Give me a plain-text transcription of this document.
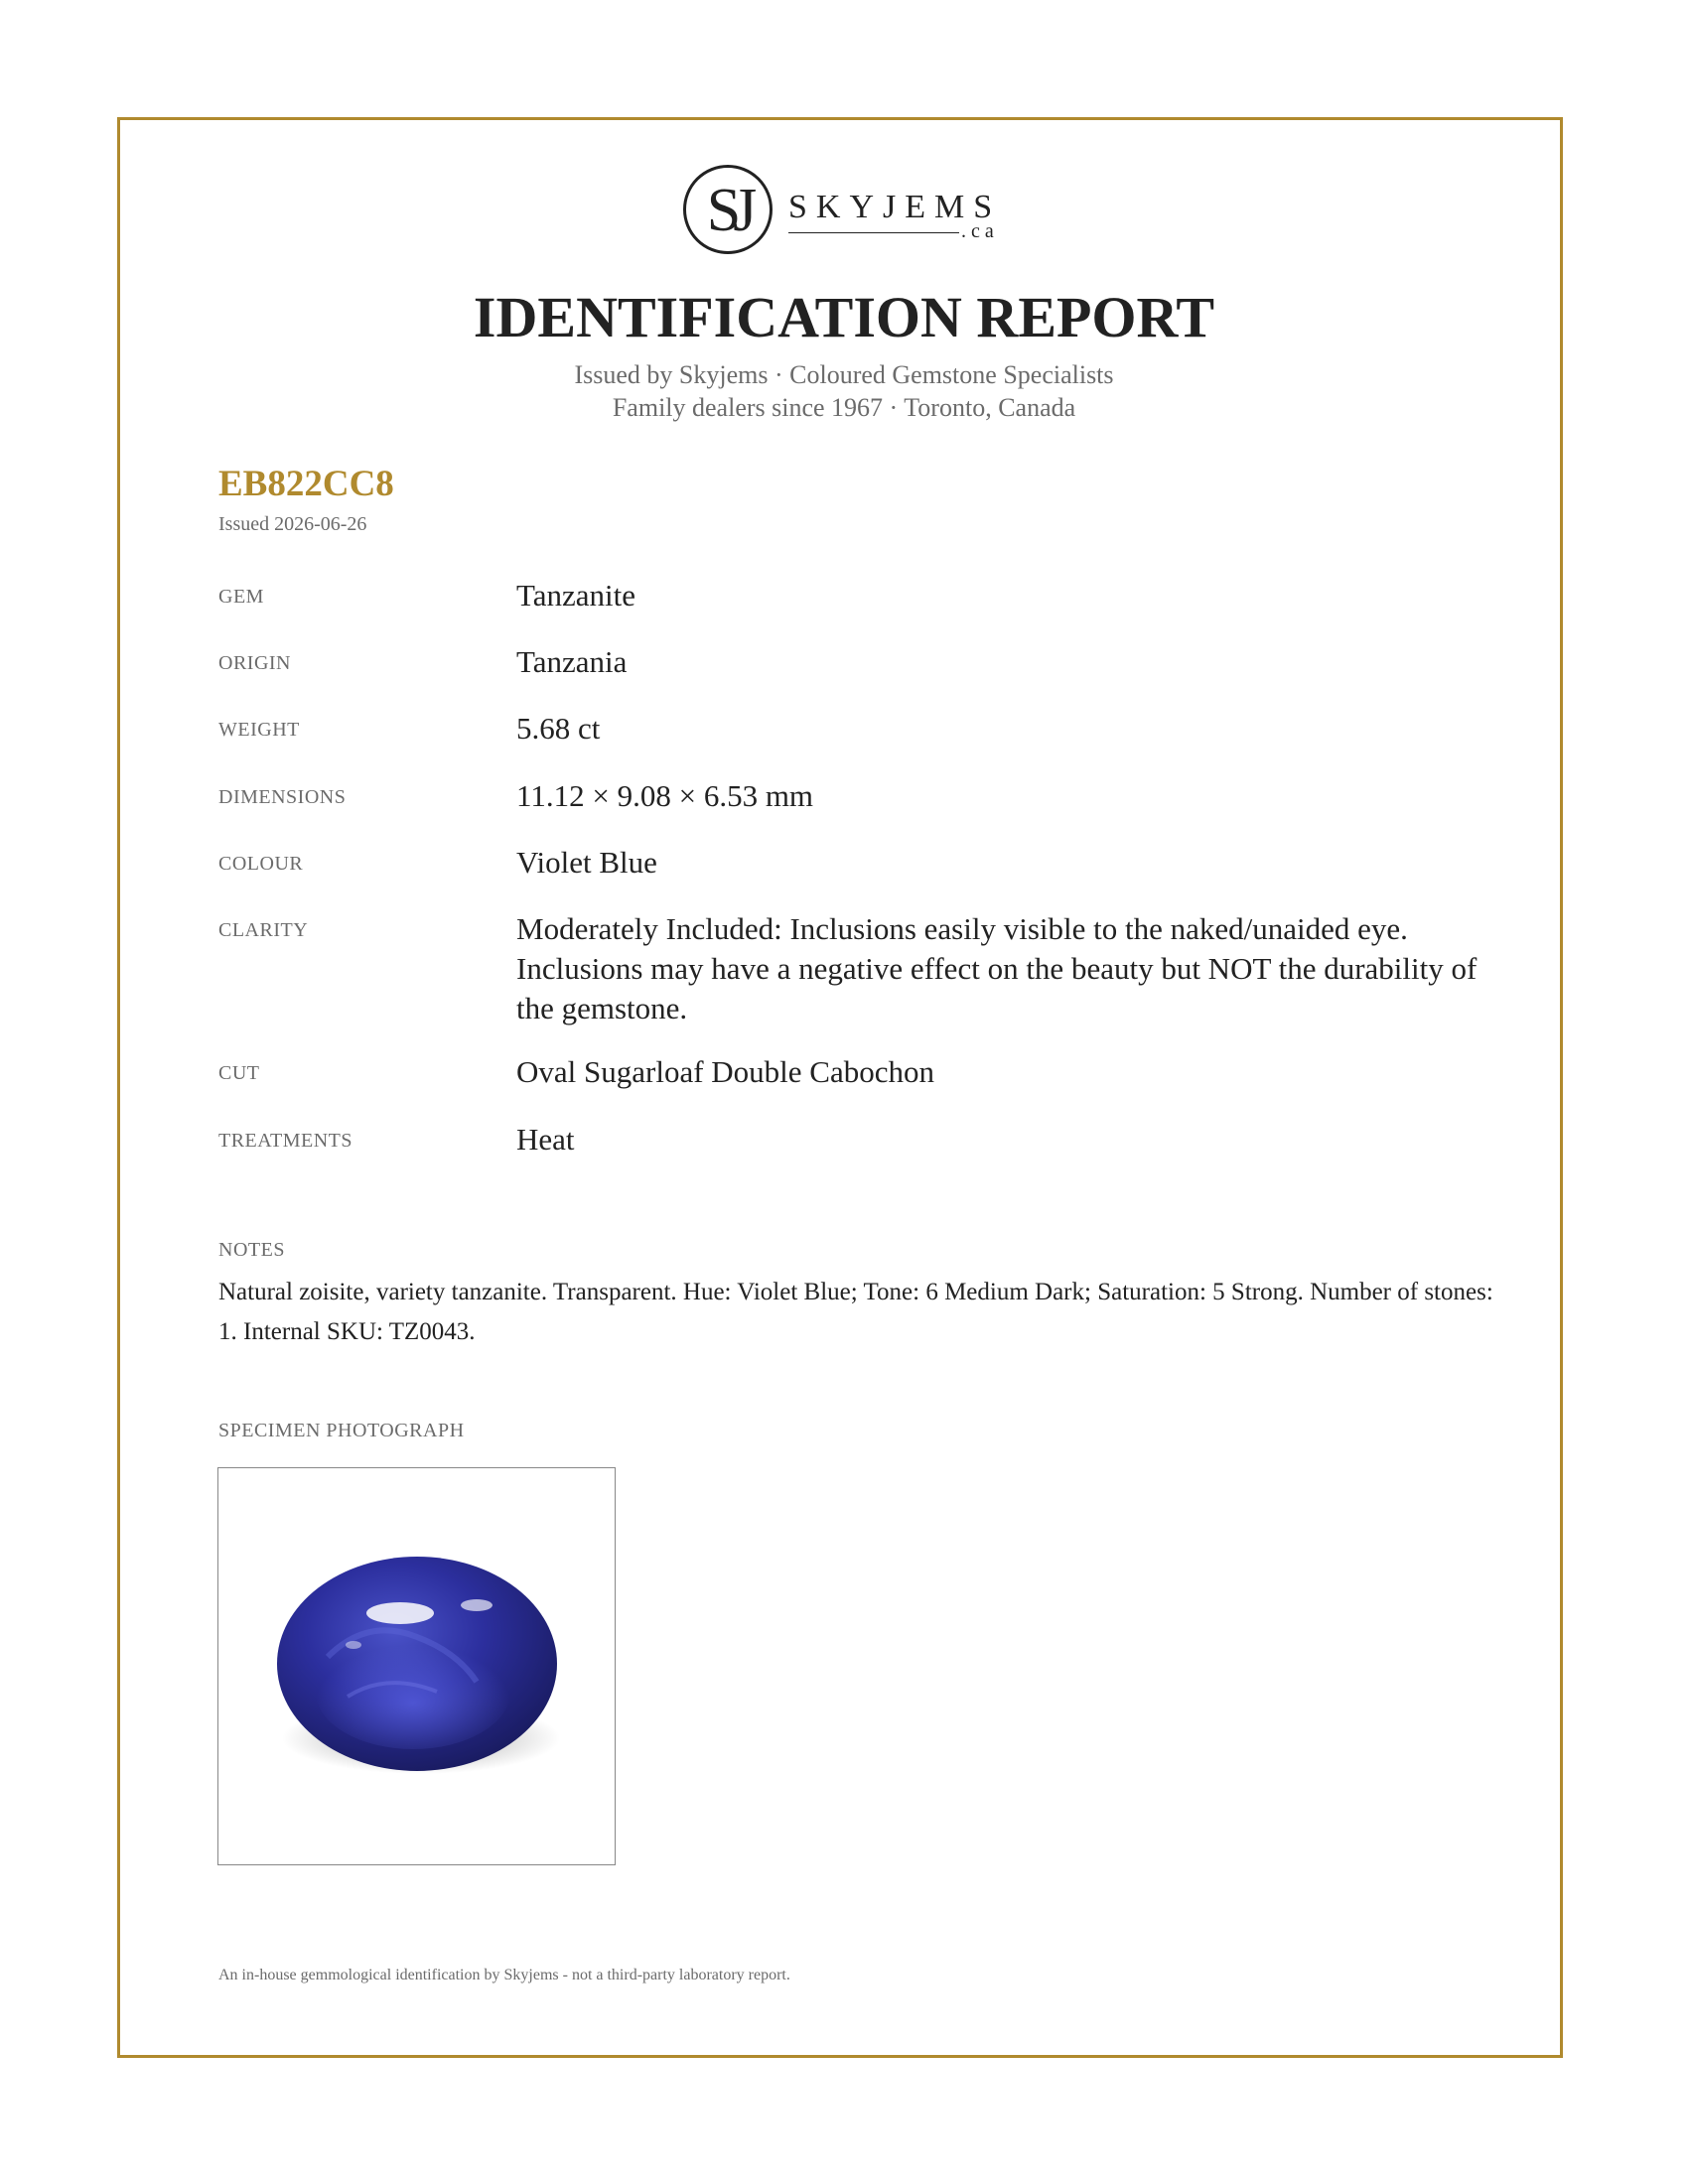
SJ	SKYJEMS
.ca
IDENTIFICATION REPORT
Issued by Skyjems · Coloured Gemstone Specialists
Family dealers since 1967 · Toronto, Canada
EB822CC8
Issued 2026-06-26
GEM	Tanzanite
ORIGIN	Tanzania
WEIGHT	5.68 ct
DIMENSIONS	11.12 × 9.08 × 6.53 mm
COLOUR	Violet Blue
CLARITY	Moderately Included: Inclusions easily visible to the naked/unaided eye. Inclusions may have a negative effect on the beauty but NOT the durability of the gemstone.
CUT	Oval Sugarloaf Double Cabochon
TREATMENTS	Heat
NOTES
Natural zoisite, variety tanzanite. Transparent. Hue: Violet Blue; Tone: 6 Medium Dark; Saturation: 5 Strong. Number of stones: 1. Internal SKU: TZ0043.
SPECIMEN PHOTOGRAPH
An in-house gemmological identification by Skyjems - not a third-party laboratory report.
